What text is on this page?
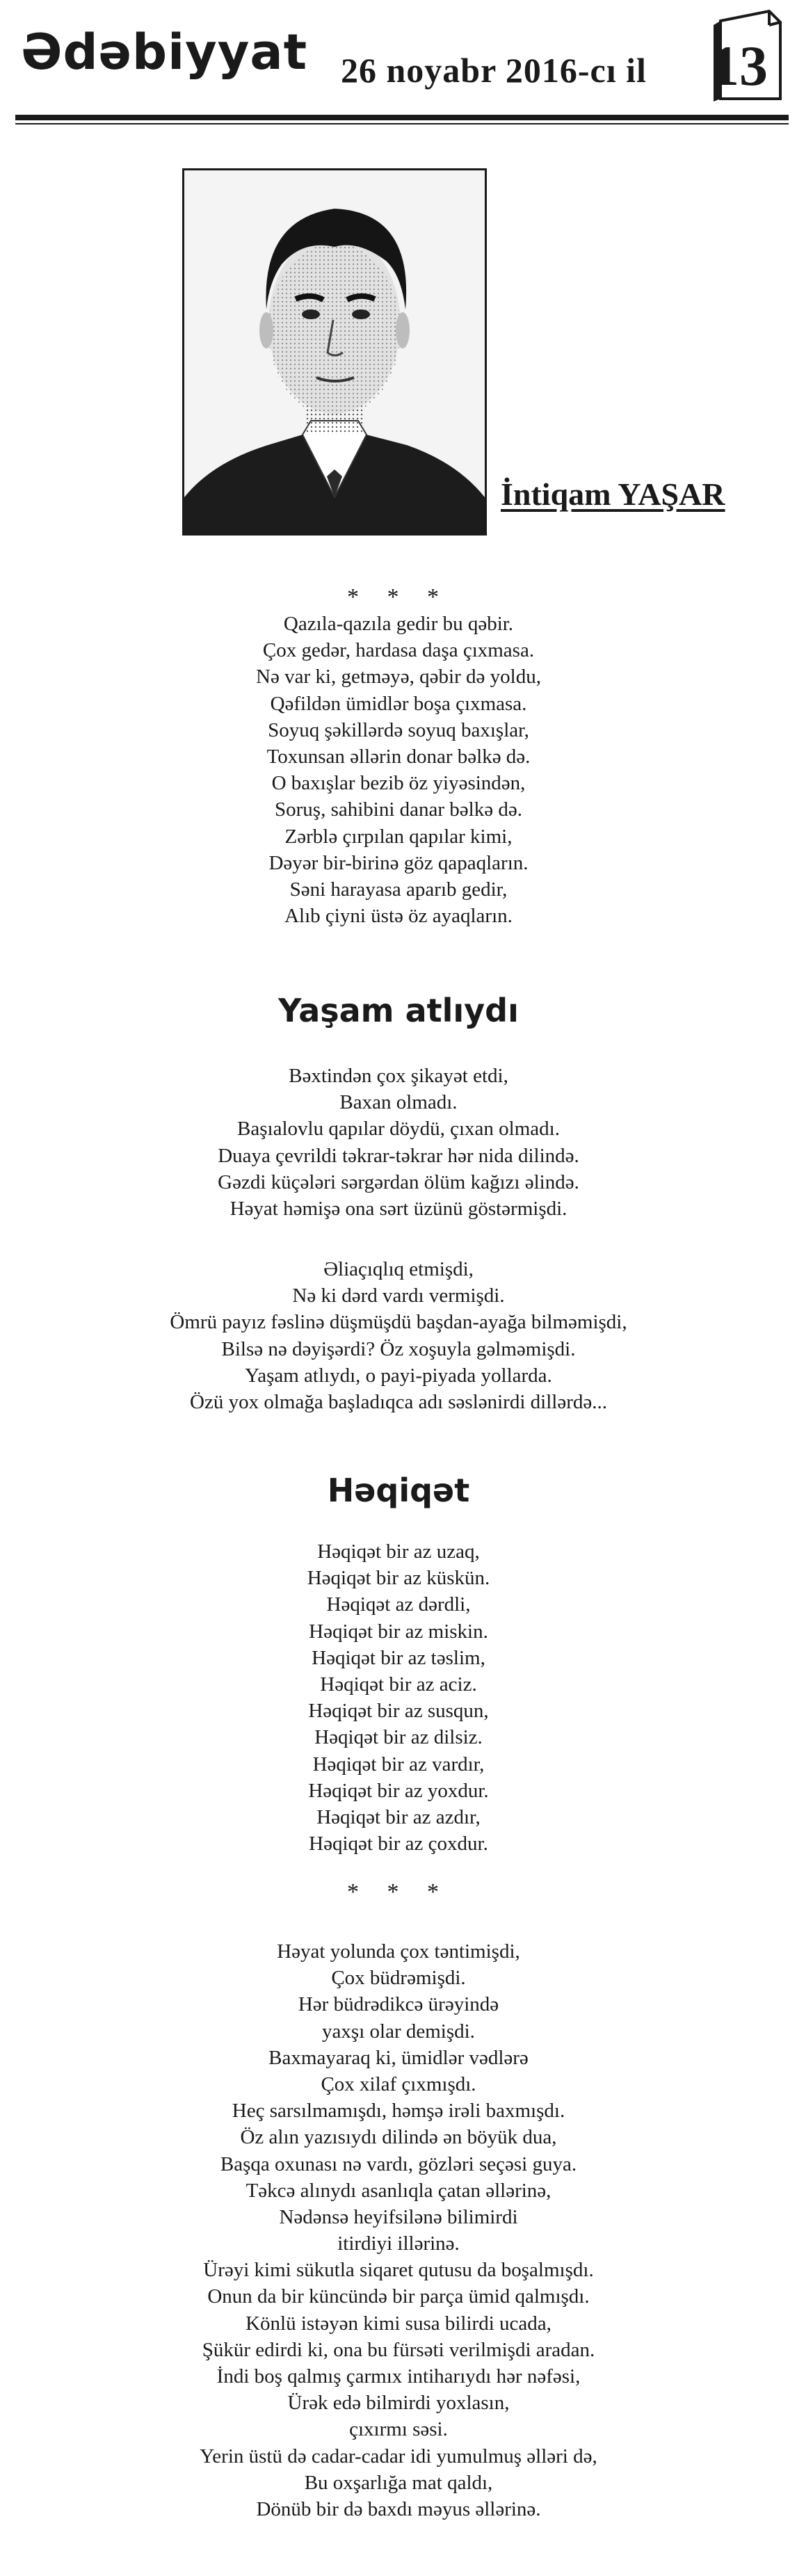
Ədəbiyyat 26 noyabr 2016-cı il 13
İntiqam YAŞAR
* * *
Qazıla-qazıla gedir bu qəbir.
Çox gedər, hardasa daşa çıxmasa.
Nə var ki, getməyə, qəbir də yoldu,
Qəfildən ümidlər boşa çıxmasa.
Soyuq şəkillərdə soyuq baxışlar,
Toxunsan əllərin donar bəlkə də.
O baxışlar bezib öz yiyəsindən,
Soruş, sahibini danar bəlkə də.
Zərblə çırpılan qapılar kimi,
Dəyər bir-birinə göz qapaqların.
Səni harayasa aparıb gedir,
Alıb çiyni üstə öz ayaqların.
Yaşam atlıydı
Bəxtindən çox şikayət etdi,
Baxan olmadı.
Başıalovlu qapılar döydü, çıxan olmadı.
Duaya çevrildi təkrar-təkrar hər nida dilində.
Gəzdi küçələri sərgərdan ölüm kağızı əlində.
Həyat həmişə ona sərt üzünü göstərmişdi.
Əliaçıqlıq etmişdi,
Nə ki dərd vardı vermişdi.
Ömrü payız fəslinə düşmüşdü başdan-ayağa bilməmişdi,
Bilsə nə dəyişərdi? Öz xoşuyla gəlməmişdi.
Yaşam atlıydı, o payi-piyada yollarda.
Özü yox olmağa başladıqca adı səslənirdi dillərdə...
Həqiqət
Həqiqət bir az uzaq,
Həqiqət bir az küskün.
Həqiqət az dərdli,
Həqiqət bir az miskin.
Həqiqət bir az təslim,
Həqiqət bir az aciz.
Həqiqət bir az susqun,
Həqiqət bir az dilsiz.
Həqiqət bir az vardır,
Həqiqət bir az yoxdur.
Həqiqət bir az azdır,
Həqiqət bir az çoxdur.
* * *
Həyat yolunda çox təntimişdi,
Çox büdrəmişdi.
Hər büdrədikcə ürəyində
yaxşı olar demişdi.
Baxmayaraq ki, ümidlər vədlərə
Çox xilaf çıxmışdı.
Heç sarsılmamışdı, həmşə irəli baxmışdı.
Öz alın yazısıydı dilində ən böyük dua,
Başqa oxunası nə vardı, gözləri seçəsi guya.
Təkcə alınydı asanlıqla çatan əllərinə,
Nədənsə heyifsilənə bilimirdi
itirdiyi illərinə.
Ürəyi kimi sükutla siqaret qutusu da boşalmışdı.
Onun da bir küncündə bir parça ümid qalmışdı.
Könlü istəyən kimi susa bilirdi ucada,
Şükür edirdi ki, ona bu fürsəti verilmişdi aradan.
İndi boş qalmış çarmıx intiharıydı hər nəfəsi,
Ürək edə bilmirdi yoxlasın,
çıxırmı səsi.
Yerin üstü də cadar-cadar idi yumulmuş əlləri də,
Bu oxşarlığa mat qaldı,
Dönüb bir də baxdı məyus əllərinə.
